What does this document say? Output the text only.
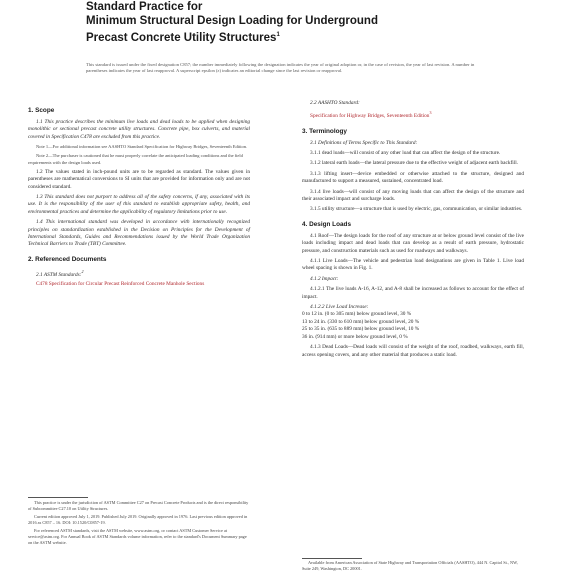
Standard Practice for
Minimum Structural Design Loading for Underground
Precast Concrete Utility Structures$^1$
This standard is issued under the fixed designation C857; the number immediately following the designation indicates the year of original adoption or, in the case of revision, the year of last revision. A number in parentheses indicates the year of last reapproval. A superscript epsilon (ε) indicates an editorial change since the last revision or reapproval.
1. Scope

1.1 This practice describes the minimum live loads and dead loads to be applied when designing monolithic or sectional precast concrete utility structures. Concrete pipe, box culverts, and material covered in Specification C478 are excluded from this practice.

Note 1—For additional information see AASHTO Standard Specification for Highway Bridges, Seventeenth Edition.

Note 2—The purchaser is cautioned that he must properly correlate the anticipated loading conditions and the field requirements with the design loads used.

1.2 The values stated in inch-pound units are to be regarded as standard. The values given in parentheses are mathematical conversions to SI units that are provided for information only and are not considered standard.

1.3 This standard does not purport to address all of the safety concerns, if any, associated with its use. It is the responsibility of the user of this standard to establish appropriate safety, health, and environmental practices and determine the applicability of regulatory limitations prior to use.

1.4 This international standard was developed in accordance with internationally recognized principles on standardization established in the Decision on Principles for the Development of International Standards, Guides and Recommendations issued by the World Trade Organization Technical Barriers to Trade (TBT) Committee.

2. Referenced Documents

2.1 ASTM Standards:$^2$

C478 Specification for Circular Precast Reinforced Concrete Manhole Sections

This practice is under the jurisdiction of ASTM Committee C27 on Precast Concrete Products and is the direct responsibility of Subcommittee C27.10 on Utility Structures.

Current edition approved July 1, 2019. Published July 2019. Originally approved in 1976. Last previous edition approved in 2016 as C857 – 16. DOI: 10.1520/C0857-19.

For referenced ASTM standards, visit the ASTM website, www.astm.org, or contact ASTM Customer Service at service@astm.org. For Annual Book of ASTM Standards volume information, refer to the standard's Document Summary page on the ASTM website.

2.2 AASHTO Standard:

Specification for Highway Bridges, Seventeenth Edition$^3$

3. Terminology

3.1 Definitions of Terms Specific to This Standard:

3.1.1 dead loads—will consist of any other load that can affect the design of the structure.

3.1.2 lateral earth loads—the lateral pressure due to the effective weight of adjacent earth backfill.

3.1.3 lifting insert—device embedded or otherwise attached to the structure, designed and manufactured to support a measured, sustained, concentrated load.

3.1.4 live loads—will consist of any moving loads that can affect the design of the structure and their associated impact and surcharge loads.

3.1.5 utility structure—a structure that is used by electric, gas, communication, or similar industries.

4. Design Loads

4.1 Roof—The design loads for the roof of any structure at or below ground level consist of the live loads including impact and dead loads that can develop as a result of earth pressure, hydrostatic pressure, and construction materials such as used for roadways and walkways.

4.1.1 Live Loads—The vehicle and pedestrian load designations are given in Table 1. Live load wheel spacing is shown in Fig. 1.

4.1.2 Impact:

4.1.2.1 The live loads A-16, A-12, and A-8 shall be increased as follows to account for the effect of impact.

4.1.2.2 Live Load Increase:

0 to 12 in. (0 to 305 mm) below ground level, 30 %

13 to 24 in. (330 to 610 mm) below ground level, 20 %

25 to 35 in. (635 to 889 mm) below ground level, 10 %

36 in. (914 mm) or more below ground level, 0 %

4.1.3 Dead Loads—Dead loads will consist of the weight of the roof, roadbed, walkways, earth fill, access opening covers, and any other material that produces a static load.

Available from American Association of State Highway and Transportation Officials (AASHTO), 444 N. Capitol St., NW, Suite 249, Washington, DC 20001.
